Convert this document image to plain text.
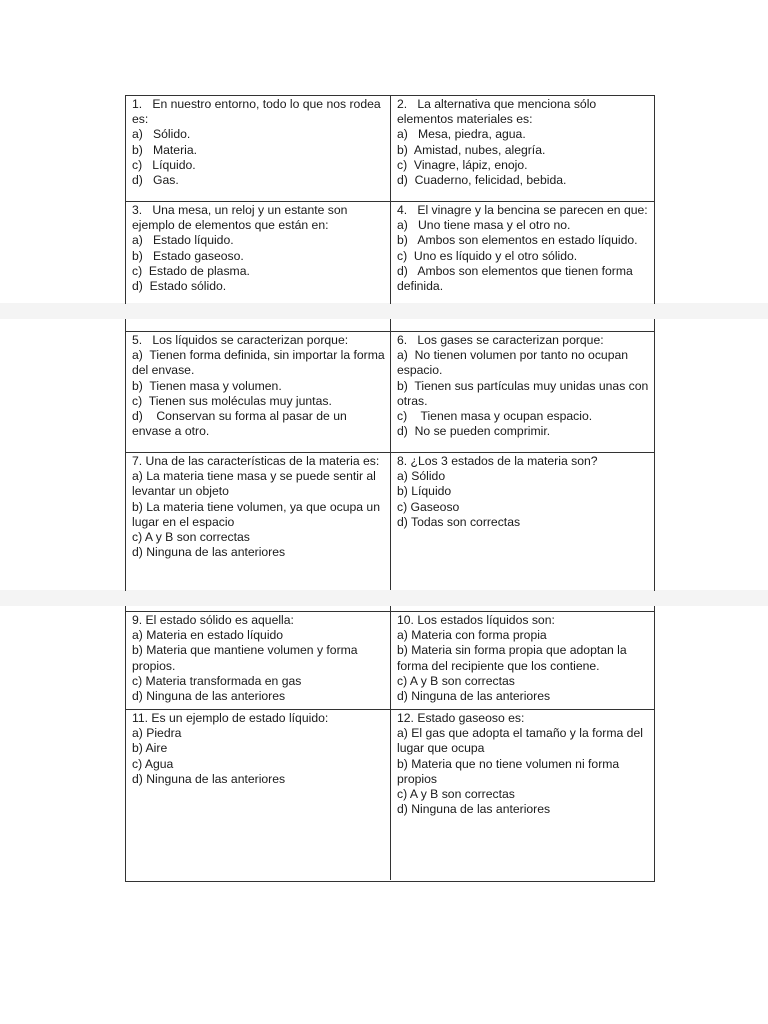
1.   En nuestro entorno, todo lo que nos rodea es:
a)   Sólido.
b)   Materia.
c)   Líquido.
d)   Gas.
2.   La alternativa que menciona sólo elementos materiales es:
a)   Mesa, piedra, agua.
b)  Amistad, nubes, alegría.
c)  Vinagre, lápiz, enojo.
d)  Cuaderno, felicidad, bebida.
3.   Una mesa, un reloj y un estante son ejemplo de elementos que están en:
a)   Estado líquido.
b)   Estado gaseoso.
c)  Estado de plasma.
d)  Estado sólido.
4.   El vinagre y la bencina se parecen en que:
a)   Uno tiene masa y el otro no.
b)   Ambos son elementos en estado líquido.
c)  Uno es líquido y el otro sólido.
d)   Ambos son elementos que tienen forma definida.
5.   Los líquidos se caracterizan porque:
a)  Tienen forma definida, sin importar la forma del envase.
b)  Tienen masa y volumen.
c)  Tienen sus moléculas muy juntas.
d)    Conservan su forma al pasar de un envase a otro.
6.   Los gases se caracterizan porque:
a)  No tienen volumen por tanto no ocupan espacio.
b)  Tienen sus partículas muy unidas unas con otras.
c)    Tienen masa y ocupan espacio.
d)  No se pueden comprimir.
7. Una de las características de la materia es:
a) La materia tiene masa y se puede sentir al levantar un objeto
b) La materia tiene volumen, ya que ocupa un lugar en el espacio
c) A y B son correctas
d) Ninguna de las anteriores
8. ¿Los 3 estados de la materia son?
a) Sólido
b) Líquido
c) Gaseoso
d) Todas son correctas
9. El estado sólido es aquella:
a) Materia en estado líquido
b) Materia que mantiene volumen y forma propios.
c) Materia transformada en gas
d) Ninguna de las anteriores
10. Los estados líquidos son:
a) Materia con forma propia
b) Materia sin forma propia que adoptan la forma del recipiente que los contiene.
c) A y B son correctas
d) Ninguna de las anteriores
11. Es un ejemplo de estado líquido:
a) Piedra
b) Aire
c) Agua
d) Ninguna de las anteriores
12. Estado gaseoso es:
a) El gas que adopta el tamaño y la forma del lugar que ocupa
b) Materia que no tiene volumen ni forma propios
c) A y B son correctas
d) Ninguna de las anteriores
